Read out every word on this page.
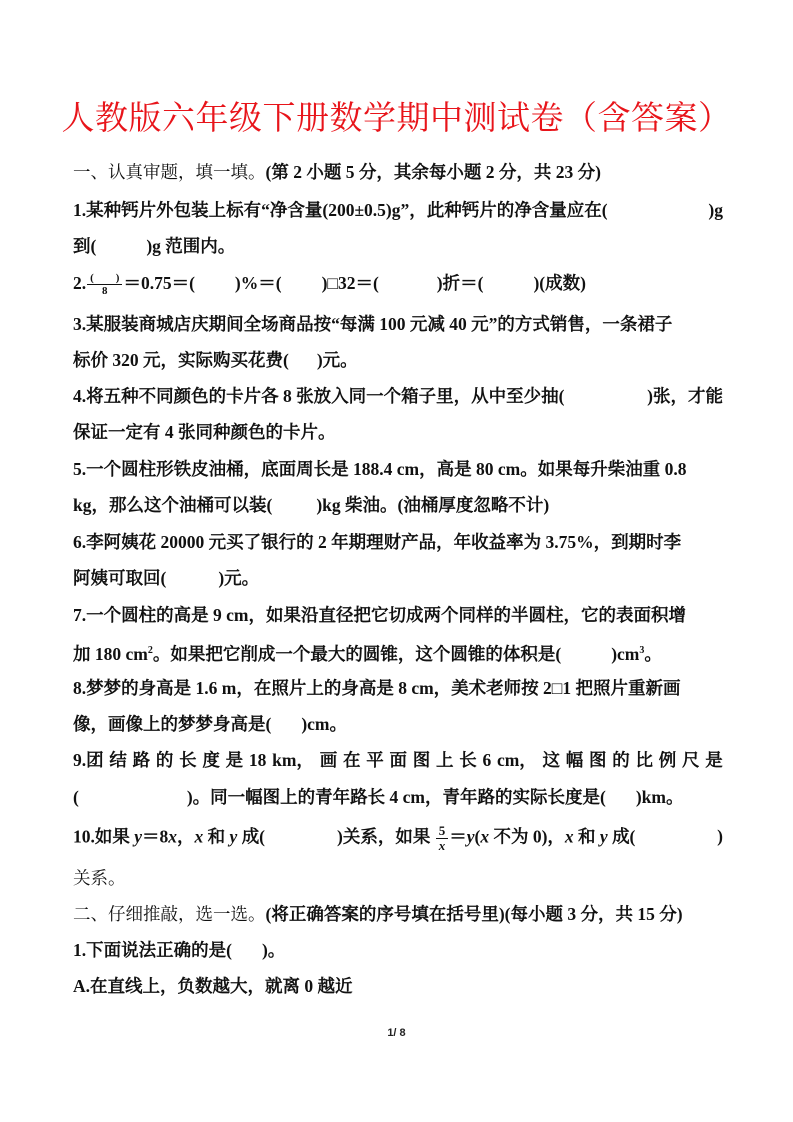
人教版六年级下册数学期中测试卷（含答案）
一、认真审题，填一填。(第 2 小题 5 分，其余每小题 2 分，共 23 分)
1.某种钙片外包装上标有“净含量(200±0.5)g”，此种钙片的净含量应在(	)g
到(	)g 范围内。
2. $\frac{( )}{8} =0.75=$( )%＝( )□32＝(	)折＝(	)(成数)
3.某服装商城店庆期间全场商品按“每满 100 元减 40 元”的方式销售，一条裙子
标价 320 元，实际购买花费( )元。
4.将五种不同颜色的卡片各 8 张放入同一个箱子里，从中至少抽(	)张，才能
保证一定有 4 张同种颜色的卡片。
5.一个圆柱形铁皮油桶，底面周长是 188.4 cm，高是 80 cm。如果每升柴油重 0.8
kg，那么这个油桶可以装(	)kg 柴油。(油桶厚度忽略不计)
6.李阿姨花 20000 元买了银行的 2 年期理财产品，年收益率为 3.75%，到期时李
阿姨可取回(	)元。
7.一个圆柱的高是 9 cm，如果沿直径把它切成两个同样的半圆柱，它的表面积增
加 180 $cm^2$。如果把它削成一个最大的圆锥，这个圆锥的体积是(	)$cm^3$。
8.梦梦的身高是 1.6 m，在照片上的身高是 8 cm，美术老师按 2□1 把照片重新画
像，画像上的梦梦身高是( )cm。
9.团 结 路 的 长 度 是 18 km， 画 在 平 面 图 上 长 6 cm， 这 幅 图 的 比 例 尺 是
(	)。同一幅图上的青年路长 4 cm，青年路的实际长度是( )km。
10.如果 y＝8x，x 和 y 成(	)关系，如果 $\frac{5}{x} =y(x$ 不为 0)，x 和 y 成(	)
关系。
二、仔细推敲，选一选。(将正确答案的序号填在括号里)(每小题 3 分，共 15 分)
1.下面说法正确的是( )。
A.在直线上，负数越大，就离 0 越近
1/ 8
